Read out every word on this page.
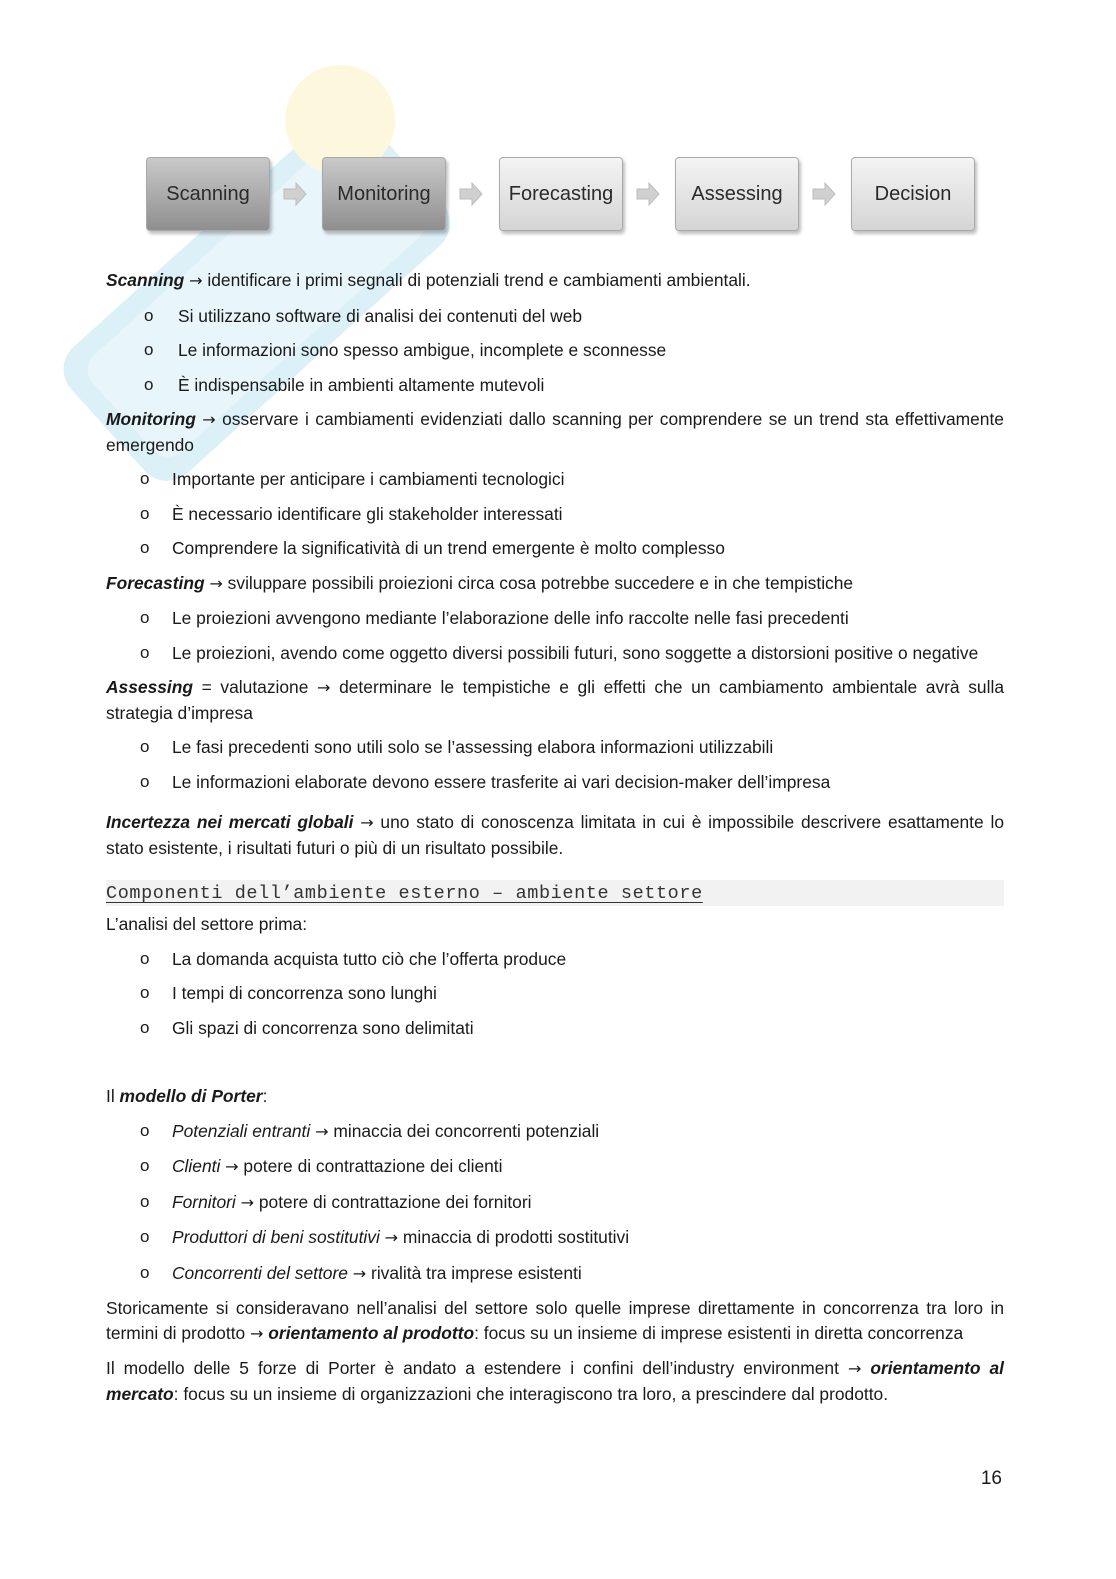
Scanning	Monitoring	Forecasting	Assessing	Decision

Scanning → identificare i primi segnali di potenziali trend e cambiamenti ambientali.

o Si utilizzano software di analisi dei contenuti del web
o Le informazioni sono spesso ambigue, incomplete e sconnesse
o È indispensabile in ambienti altamente mutevoli

Monitoring → osservare i cambiamenti evidenziati dallo scanning per comprendere se un trend sta effettivamente emergendo

o Importante per anticipare i cambiamenti tecnologici
o È necessario identificare gli stakeholder interessati
o Comprendere la significatività di un trend emergente è molto complesso

Forecasting → sviluppare possibili proiezioni circa cosa potrebbe succedere e in che tempistiche

o Le proiezioni avvengono mediante l’elaborazione delle info raccolte nelle fasi precedenti
o Le proiezioni, avendo come oggetto diversi possibili futuri, sono soggette a distorsioni positive o negative

Assessing = valutazione → determinare le tempistiche e gli effetti che un cambiamento ambientale avrà sulla strategia d’impresa

o Le fasi precedenti sono utili solo se l’assessing elabora informazioni utilizzabili
o Le informazioni elaborate devono essere trasferite ai vari decision-maker dell’impresa

Incertezza nei mercati globali → uno stato di conoscenza limitata in cui è impossibile descrivere esattamente lo stato esistente, i risultati futuri o più di un risultato possibile.

Componenti dell’ambiente esterno – ambiente settore

L’analisi del settore prima:

o La domanda acquista tutto ciò che l’offerta produce
o I tempi di concorrenza sono lunghi
o Gli spazi di concorrenza sono delimitati

Il modello di Porter:

o Potenziali entranti → minaccia dei concorrenti potenziali
o Clienti → potere di contrattazione dei clienti
o Fornitori → potere di contrattazione dei fornitori
o Produttori di beni sostitutivi → minaccia di prodotti sostitutivi
o Concorrenti del settore → rivalità tra imprese esistenti

Storicamente si consideravano nell’analisi del settore solo quelle imprese direttamente in concorrenza tra loro in termini di prodotto → orientamento al prodotto: focus su un insieme di imprese esistenti in diretta concorrenza

Il modello delle 5 forze di Porter è andato a estendere i confini dell’industry environment → orientamento al mercato: focus su un insieme di organizzazioni che interagiscono tra loro, a prescindere dal prodotto.

16
